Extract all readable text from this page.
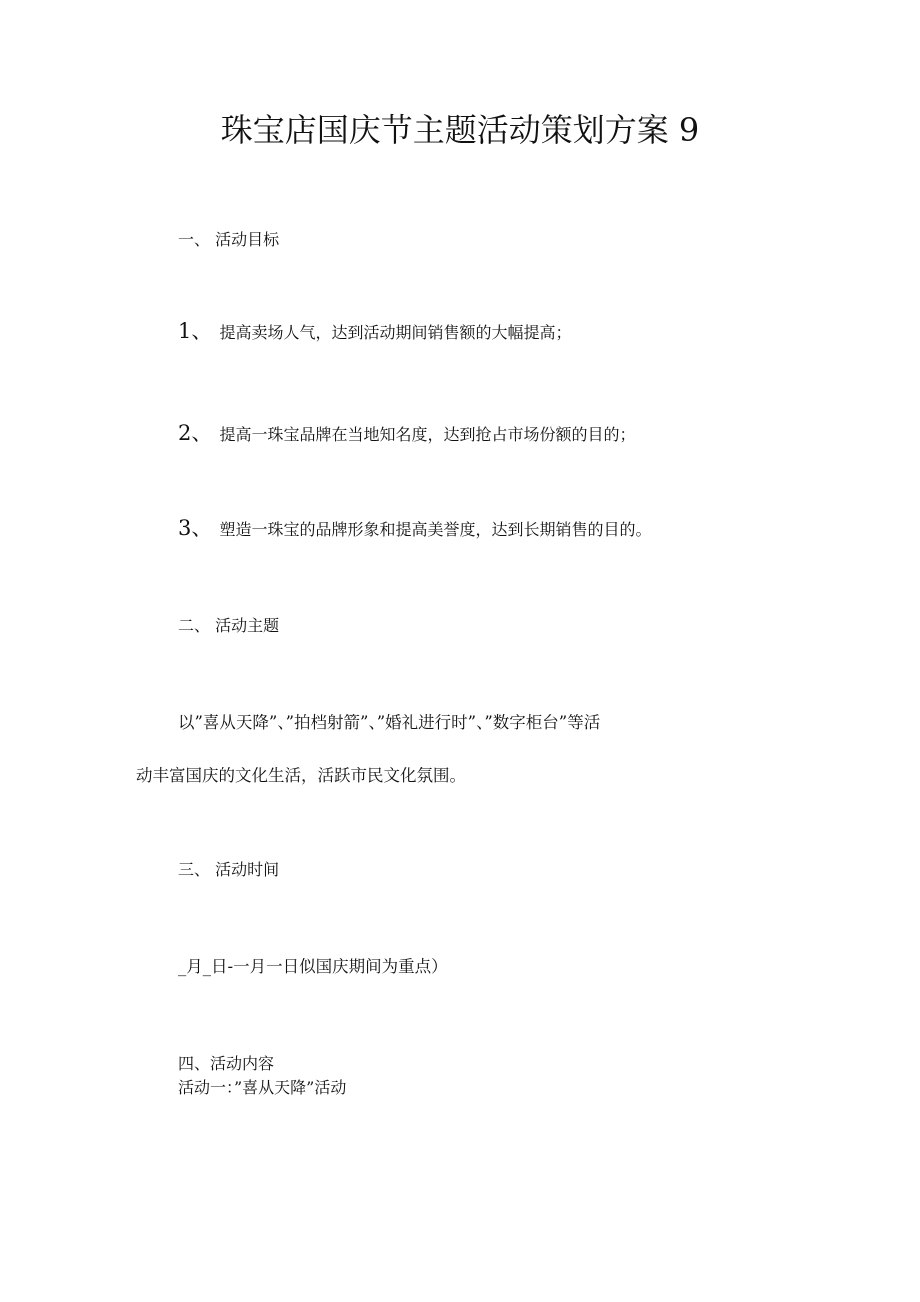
珠宝店国庆节主题活动策划方案 9
一、 活动目标
1、 提高卖场人气，达到活动期间销售额的大幅提高；
2、 提高一珠宝品牌在当地知名度，达到抢占市场份额的目的；
3、 塑造一珠宝的品牌形象和提高美誉度，达到长期销售的目的。
二、 活动主题
以”喜从天降”、”拍档射箭”、”婚礼进行时”、”数字柜台”等活
动丰富国庆的文化生活，活跃市民文化氛围。
三、 活动时间
_月_日-一月一日似国庆期间为重点）
四、活动内容
活动一：”喜从天降”活动
